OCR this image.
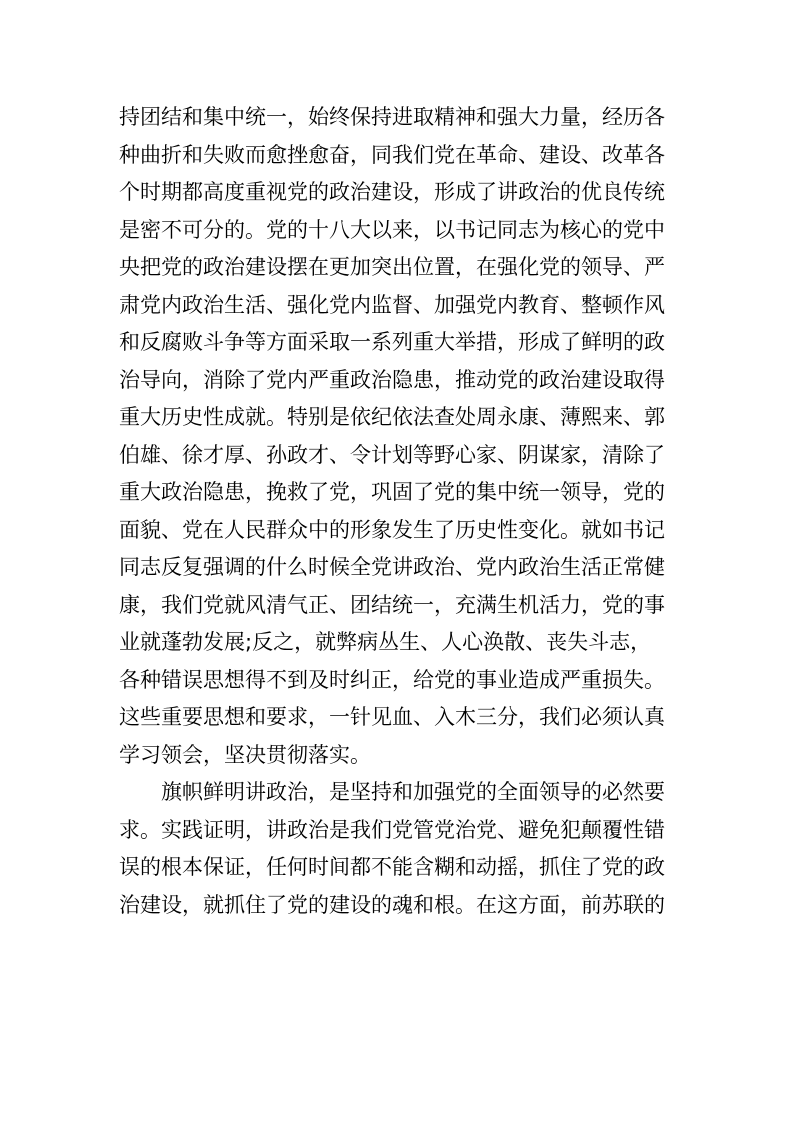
持团结和集中统一，始终保持进取精神和强大力量，经历各
种曲折和失败而愈挫愈奋，同我们党在革命、建设、改革各
个时期都高度重视党的政治建设，形成了讲政治的优良传统
是密不可分的。党的十八大以来，以书记同志为核心的党中
央把党的政治建设摆在更加突出位置，在强化党的领导、严
肃党内政治生活、强化党内监督、加强党内教育、整顿作风
和反腐败斗争等方面采取一系列重大举措，形成了鲜明的政
治导向，消除了党内严重政治隐患，推动党的政治建设取得
重大历史性成就。特别是依纪依法查处周永康、薄熙来、郭
伯雄、徐才厚、孙政才、令计划等野心家、阴谋家，清除了
重大政治隐患，挽救了党，巩固了党的集中统一领导，党的
面貌、党在人民群众中的形象发生了历史性变化。就如书记
同志反复强调的什么时候全党讲政治、党内政治生活正常健
康，我们党就风清气正、团结统一，充满生机活力，党的事
业就蓬勃发展;反之，就弊病丛生、人心涣散、丧失斗志，
各种错误思想得不到及时纠正，给党的事业造成严重损失。
这些重要思想和要求，一针见血、入木三分，我们必须认真
学习领会，坚决贯彻落实。
旗帜鲜明讲政治，是坚持和加强党的全面领导的必然要
求。实践证明，讲政治是我们党管党治党、避免犯颠覆性错
误的根本保证，任何时间都不能含糊和动摇，抓住了党的政
治建设，就抓住了党的建设的魂和根。在这方面，前苏联的
